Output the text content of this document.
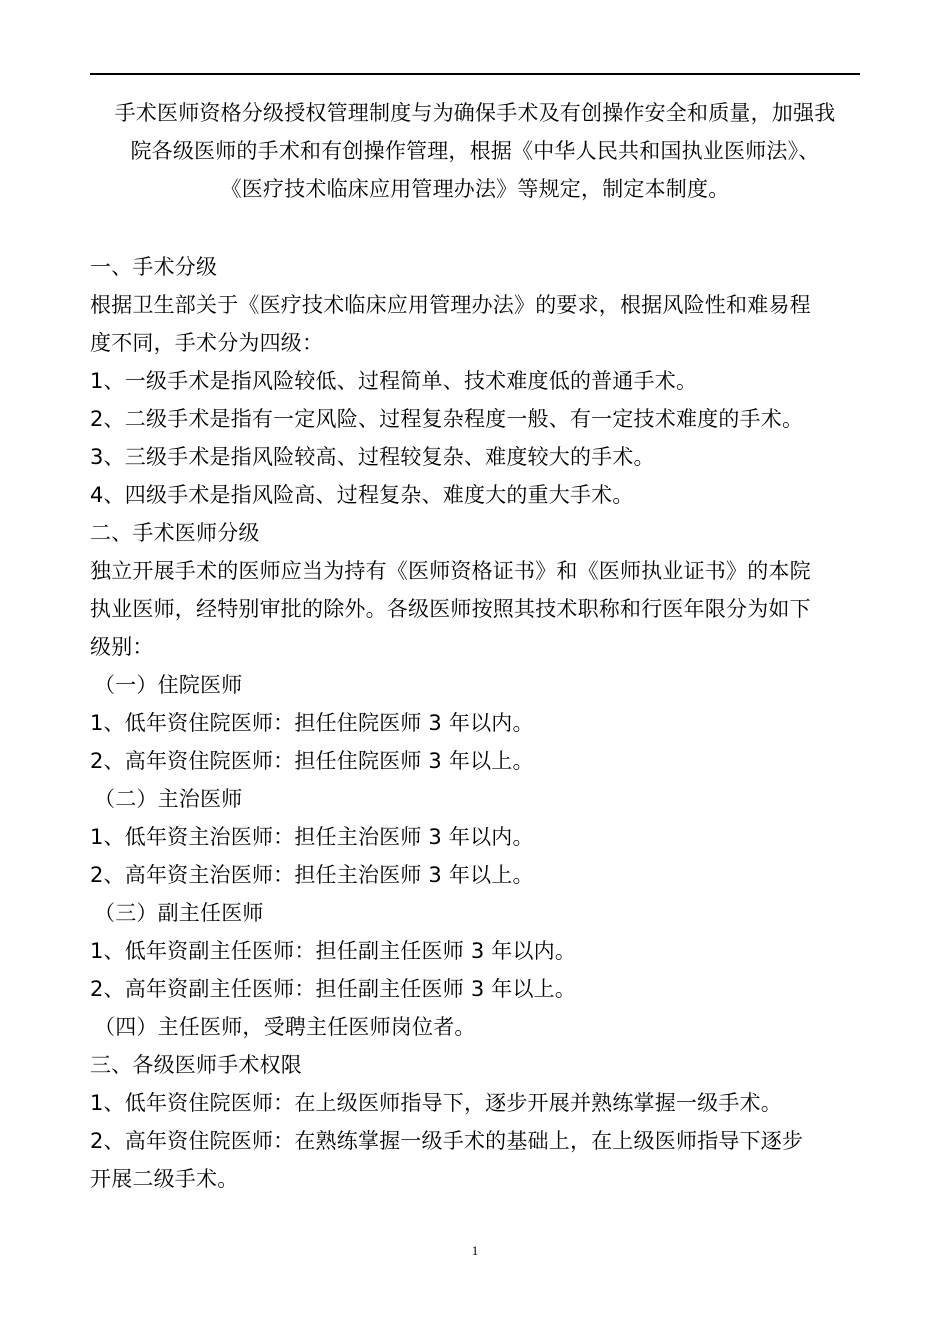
手术医师资格分级授权管理制度与为确保手术及有创操作安全和质量，加强我
院各级医师的手术和有创操作管理，根据《中华人民共和国执业医师法》、
《医疗技术临床应用管理办法》等规定，制定本制度。

一、手术分级

根据卫生部关于《医疗技术临床应用管理办法》的要求，根据风险性和难易程

度不同，手术分为四级：

1、一级手术是指风险较低、过程简单、技术难度低的普通手术。

2、二级手术是指有一定风险、过程复杂程度一般、有一定技术难度的手术。

3、三级手术是指风险较高、过程较复杂、难度较大的手术。

4、四级手术是指风险高、过程复杂、难度大的重大手术。

二、手术医师分级

独立开展手术的医师应当为持有《医师资格证书》和《医师执业证书》的本院

执业医师，经特别审批的除外。各级医师按照其技术职称和行医年限分为如下

级别：

（一）住院医师

1、低年资住院医师：担任住院医师 3 年以内。

2、高年资住院医师：担任住院医师 3 年以上。

（二）主治医师

1、低年资主治医师：担任主治医师 3 年以内。

2、高年资主治医师：担任主治医师 3 年以上。

（三）副主任医师

1、低年资副主任医师：担任副主任医师 3 年以内。

2、高年资副主任医师：担任副主任医师 3 年以上。

（四）主任医师，受聘主任医师岗位者。

三、各级医师手术权限

1、低年资住院医师：在上级医师指导下，逐步开展并熟练掌握一级手术。

2、高年资住院医师：在熟练掌握一级手术的基础上，在上级医师指导下逐步

开展二级手术。

1
